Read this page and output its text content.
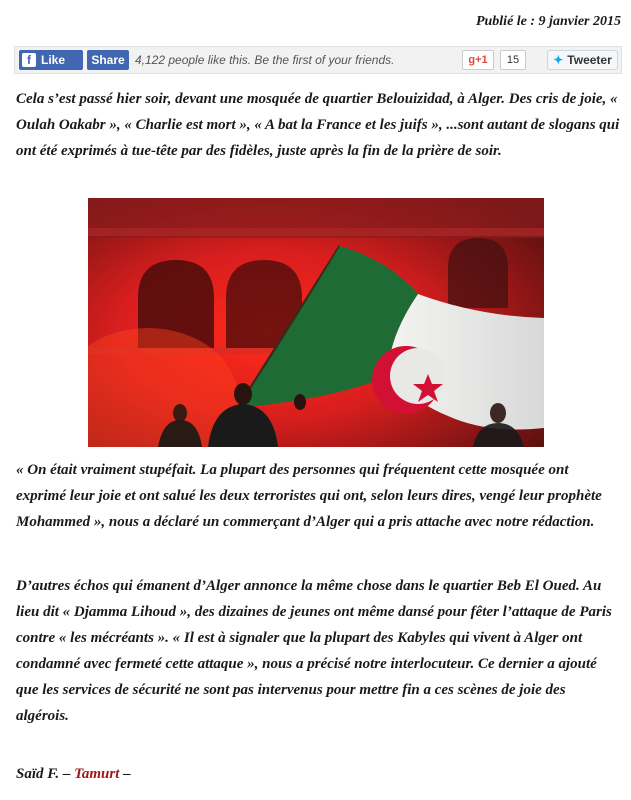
Publié le : 9 janvier 2015
f Like	Share 4,122 people like this. Be the first of your friends.	g+1	15	✦ Tweeter

Cela s’est passé hier soir, devant une mosquée de quartier Belouizidad, à Alger. Des cris de joie, « Oulah Oakabr », « Charlie est mort », « A bat la France et les juifs », ...sont autant de slogans qui ont été exprimés à tue-tête par des fidèles, juste après la fin de la prière de soir.

« On était vraiment stupéfait. La plupart des personnes qui fréquentent cette mosquée ont exprimé leur joie et ont salué les deux terroristes qui ont, selon leurs dires, vengé leur prophète Mohammed », nous a déclaré un commerçant d’Alger qui a pris attache avec notre rédaction.

D’autres échos qui émanent d’Alger annonce la même chose dans le quartier Beb El Oued. Au lieu dit « Djamma Lihoud », des dizaines de jeunes ont même dansé pour fêter l’attaque de Paris contre « les mécréants ». « Il est à signaler que la plupart des Kabyles qui vivent à Alger ont condamné avec fermeté cette attaque », nous a précisé notre interlocuteur. Ce dernier a ajouté que les services de sécurité ne sont pas intervenus pour mettre fin a ces scènes de joie des algérois.

Saïd F. – Tamurt –
